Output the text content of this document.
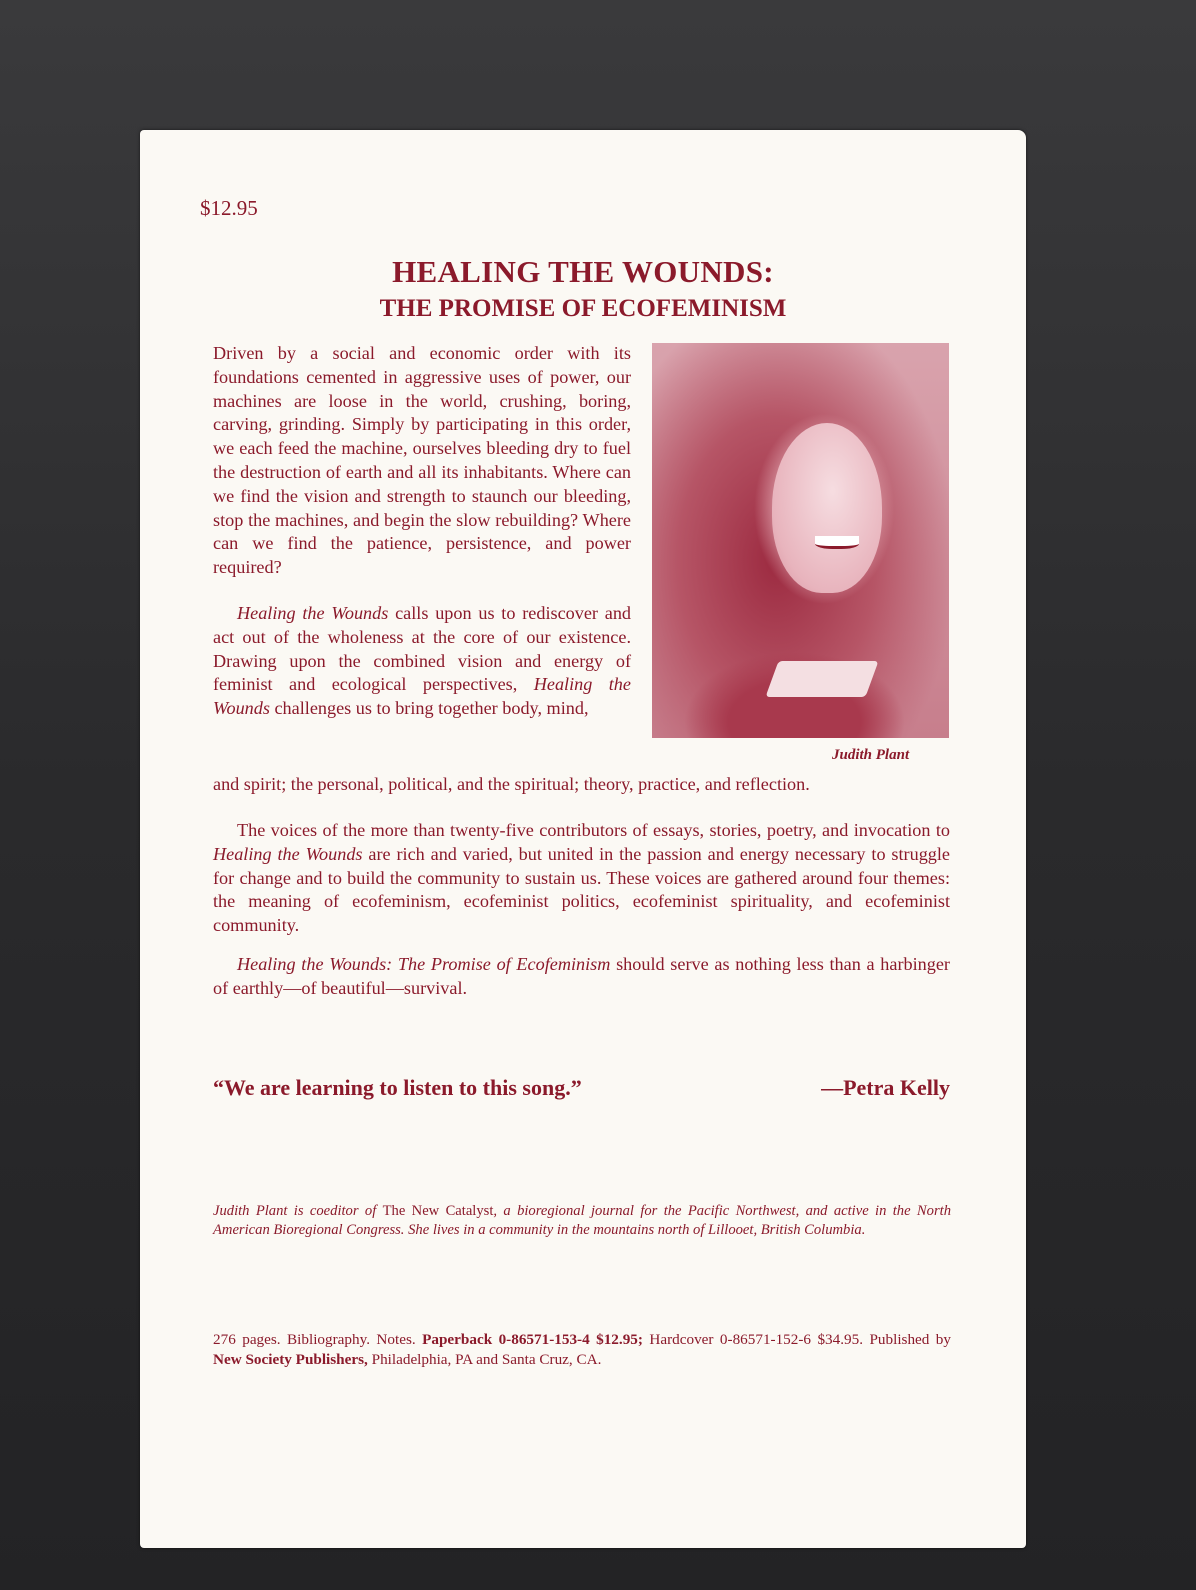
$12.95
HEALING THE WOUNDS:
THE PROMISE OF ECOFEMINISM

Driven by a social and economic order with its foundations cemented in aggressive uses of power, our machines are loose in the world, crushing, boring, carving, grinding. Simply by participating in this order, we each feed the machine, ourselves bleeding dry to fuel the destruction of earth and all its inhabitants. Where can we find the vision and strength to staunch our bleeding, stop the machines, and begin the slow rebuilding? Where can we find the patience, persistence, and power required?

Healing the Wounds calls upon us to rediscover and act out of the wholeness at the core of our existence. Drawing upon the combined vision and energy of feminist and ecological perspectives, Healing the Wounds challenges us to bring together body, mind,

and spirit; the personal, political, and the spiritual; theory, practice, and reflection.

Judith Plant

The voices of the more than twenty-five contributors of essays, stories, poetry, and invocation to Healing the Wounds are rich and varied, but united in the passion and energy necessary to struggle for change and to build the community to sustain us. These voices are gathered around four themes: the meaning of ecofeminism, ecofeminist politics, ecofeminist spirituality, and ecofeminist community.

Healing the Wounds: The Promise of Ecofeminism should serve as nothing less than a harbinger of earthly—of beautiful—survival.

“We are learning to listen to this song.”	—Petra Kelly

Judith Plant is coeditor of The New Catalyst, a bioregional journal for the Pacific Northwest, and active in the North American Bioregional Congress. She lives in a community in the mountains north of Lillooet, British Columbia.

276 pages. Bibliography. Notes. Paperback 0-86571-153-4 $12.95; Hardcover 0-86571-152-6 $34.95. Published by New Society Publishers, Philadelphia, PA and Santa Cruz, CA.
